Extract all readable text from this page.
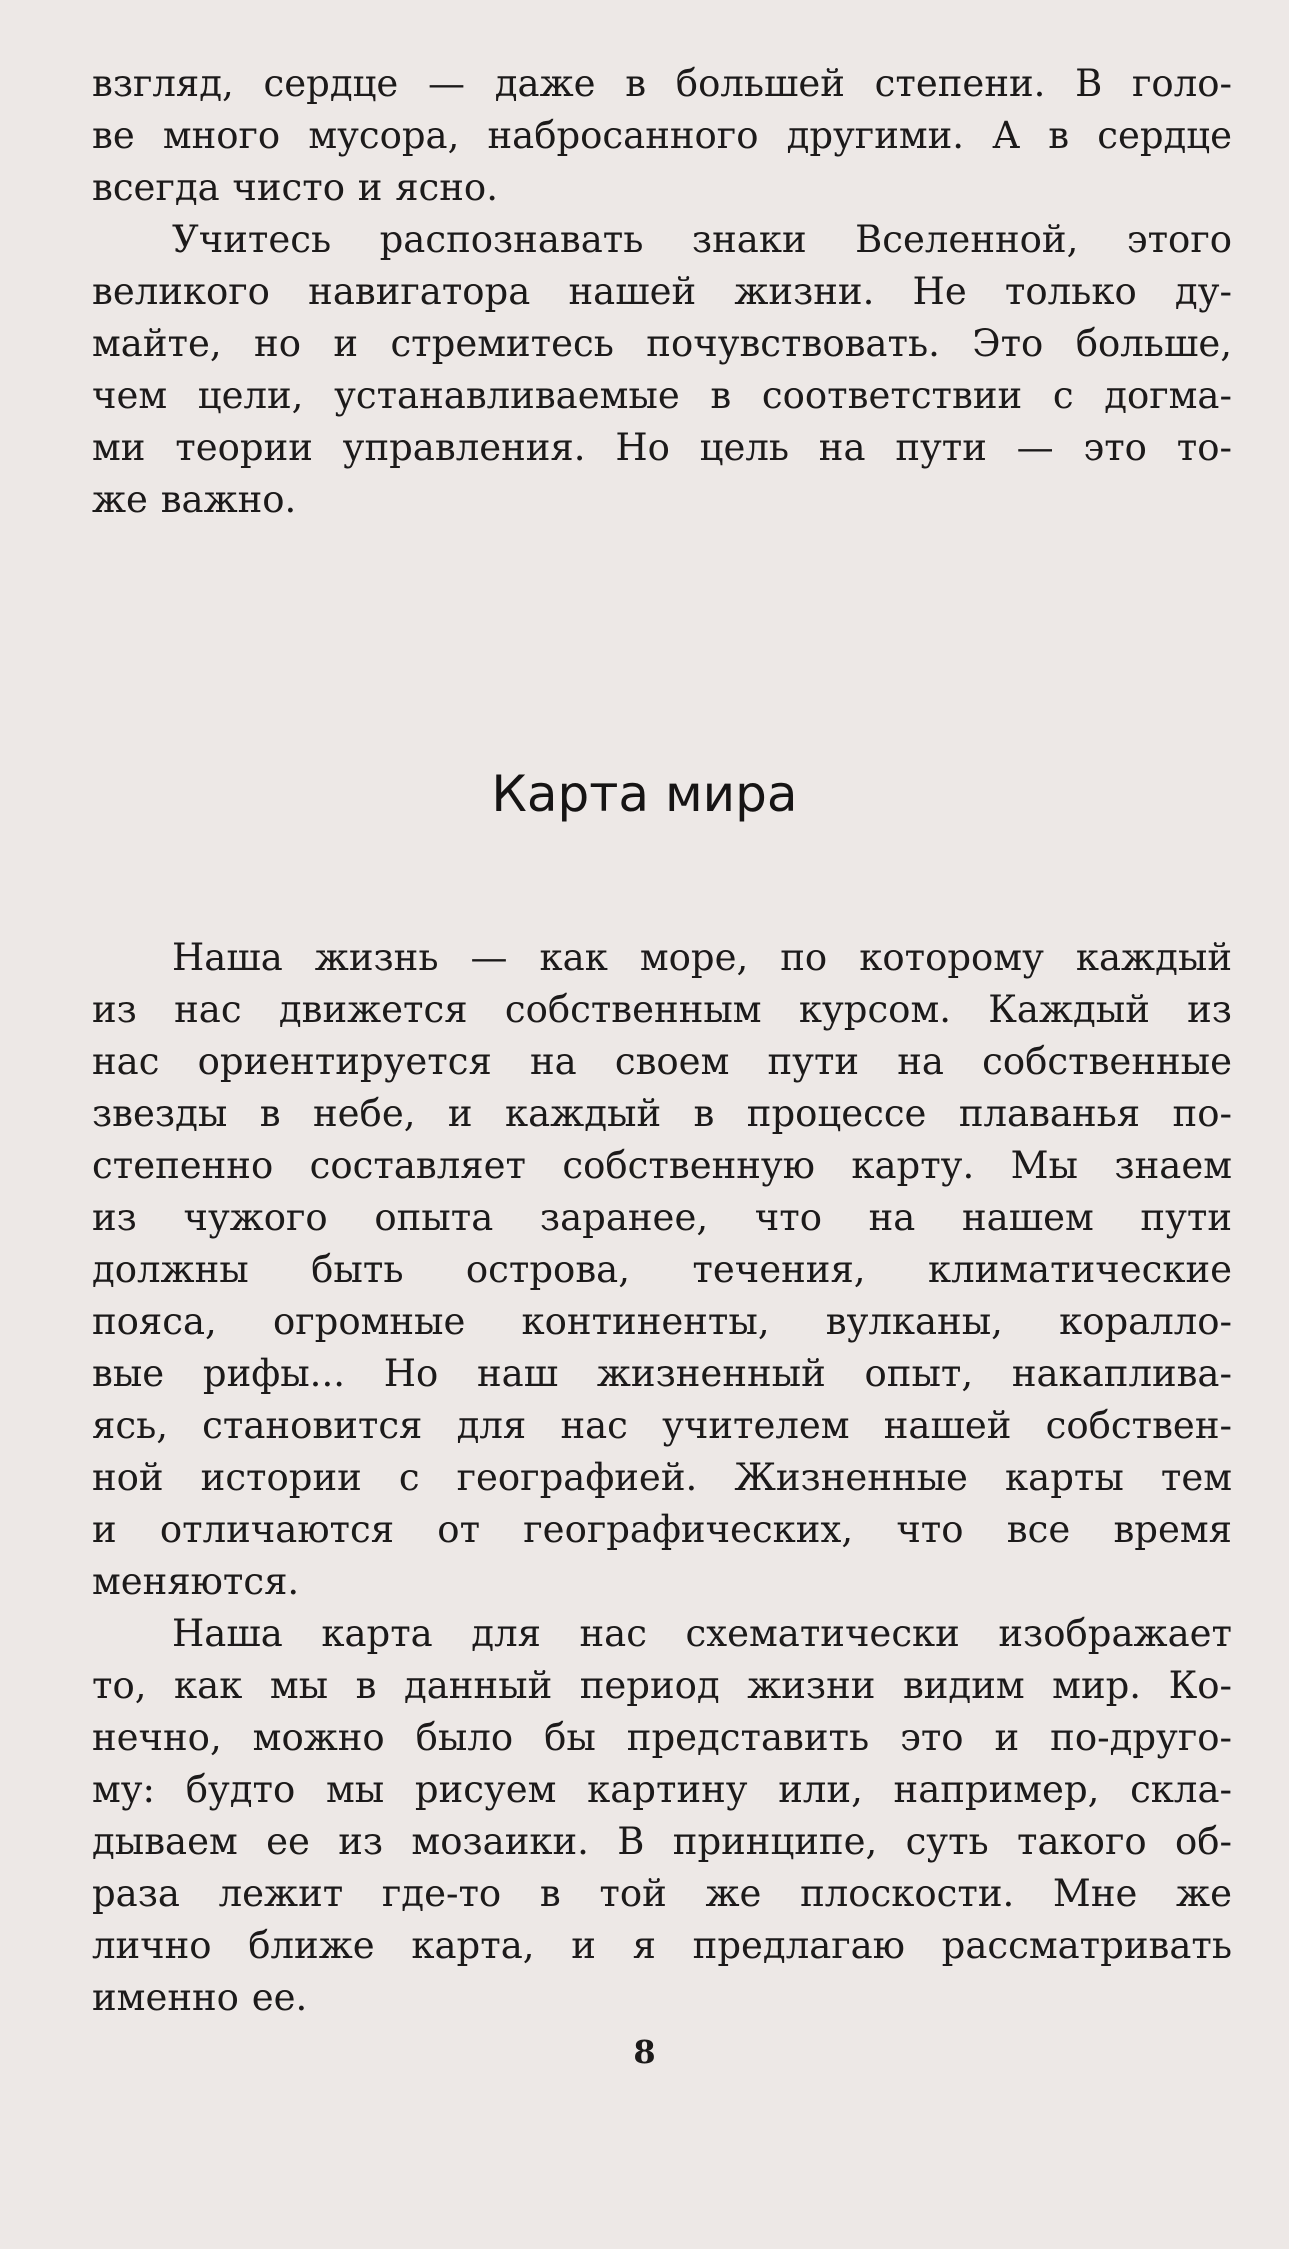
взгляд, сердце — даже в большей степени. В голо-
ве много мусора, набросанного другими. А в сердце
всегда чисто и ясно.
Учитесь распознавать знаки Вселенной, этого
великого навигатора нашей жизни. Не только ду-
майте, но и стремитесь почувствовать. Это больше,
чем цели, устанавливаемые в соответствии с догма-
ми теории управления. Но цель на пути — это то-
же важно.
Карта мира
Наша жизнь — как море, по которому каждый
из нас движется собственным курсом. Каждый из
нас ориентируется на своем пути на собственные
звезды в небе, и каждый в процессе плаванья по-
степенно составляет собственную карту. Мы знаем
из чужого опыта заранее, что на нашем пути
должны быть острова, течения, климатические
пояса, огромные континенты, вулканы, коралло-
вые рифы... Но наш жизненный опыт, накаплива-
ясь, становится для нас учителем нашей собствен-
ной истории с географией. Жизненные карты тем
и отличаются от географических, что все время
меняются.
Наша карта для нас схематически изображает
то, как мы в данный период жизни видим мир. Ко-
нечно, можно было бы представить это и по-друго-
му: будто мы рисуем картину или, например, скла-
дываем ее из мозаики. В принципе, суть такого об-
раза лежит где-то в той же плоскости. Мне же
лично ближе карта, и я предлагаю рассматривать
именно ее.
8
